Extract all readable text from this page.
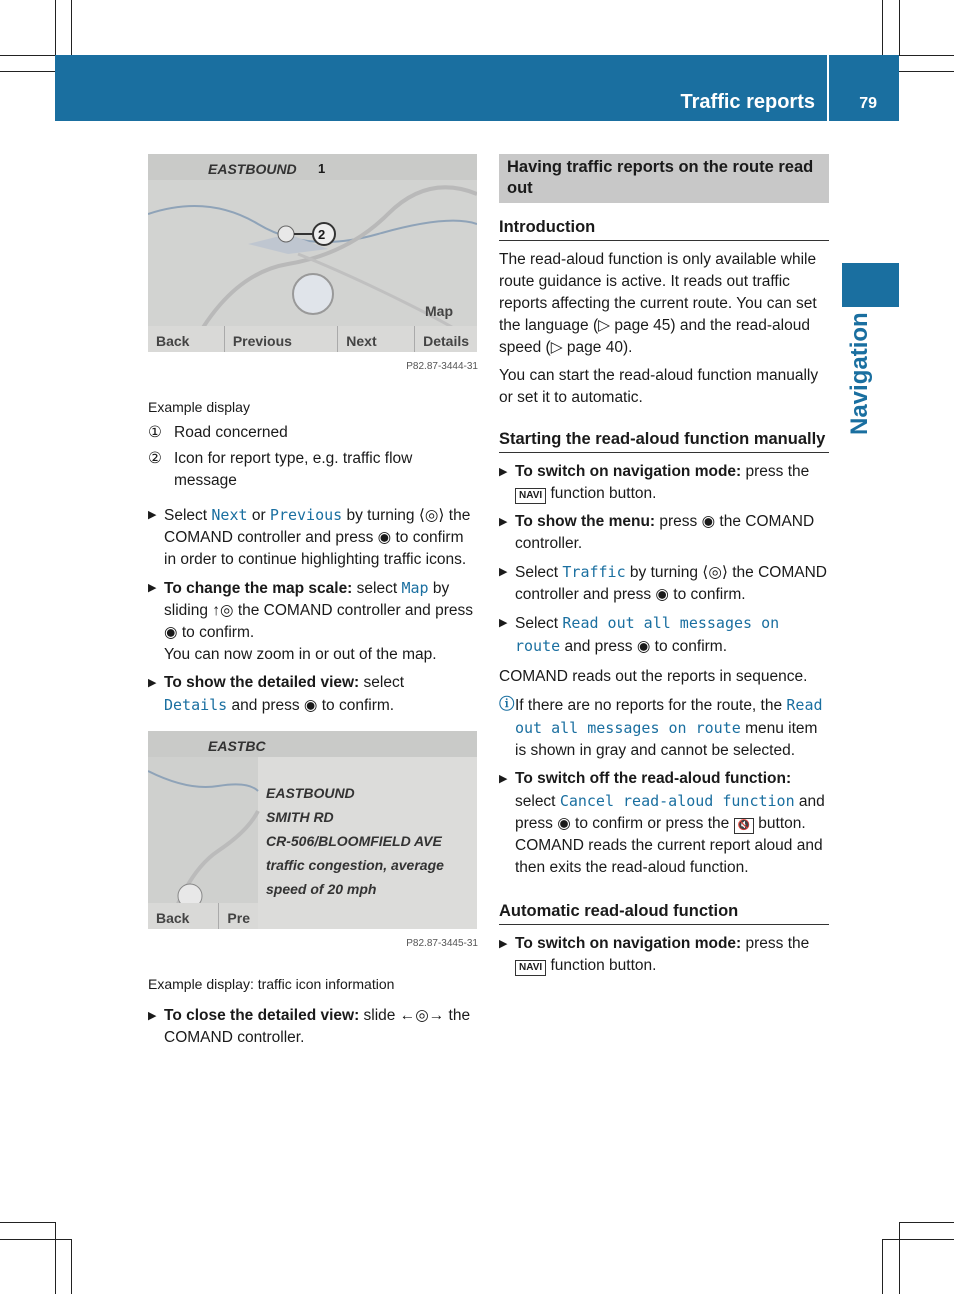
Traffic reports	79
Navigation
EASTBOUND 1
2
Map
Back	Previous	Next	Details
P82.87-3444-31
Example display
① Road concerned
② Icon for report type, e.g. traffic flow message
▶ Select Next or Previous by turning ⟨◎⟩ the COMAND controller and press ◉ to confirm in order to continue highlighting traffic icons.
▶ To change the map scale: select Map by sliding ↑◎ the COMAND controller and press ◉ to confirm.
You can now zoom in or out of the map.
▶ To show the detailed view: select
Details and press ◉ to confirm.
EASTBC
EASTBOUND
SMITH RD
CR-506/BLOOMFIELD AVE
traffic congestion, average
speed of 20 mph
Back	Pre
P82.87-3445-31
Example display: traffic icon information
▶ To close the detailed view: slide ←◎→ the COMAND controller.
Having traffic reports on the route read out
Introduction

The read-aloud function is only available while route guidance is active. It reads out traffic reports affecting the current route. You can set the language (▷ page 45) and the read-aloud speed (▷ page 40).

You can start the read-aloud function manually or set it to automatic.

Starting the read-aloud function manually
▶ To switch on navigation mode: press the NAVI function button.
▶ To show the menu: press ◉ the COMAND controller.
▶ Select Traffic by turning ⟨◎⟩ the COMAND controller and press ◉ to confirm.
▶ Select Read out all messages on route and press ◉ to confirm.

COMAND reads out the reports in sequence.

ⓘ If there are no reports for the route, the Read out all messages on route menu item is shown in gray and cannot be selected.
▶ To switch off the read-aloud function: select Cancel read-aloud function and press ◉ to confirm or press the 🔇 button.
COMAND reads the current report aloud and then exits the read-aloud function.
Automatic read-aloud function
▶ To switch on navigation mode: press the NAVI function button.
